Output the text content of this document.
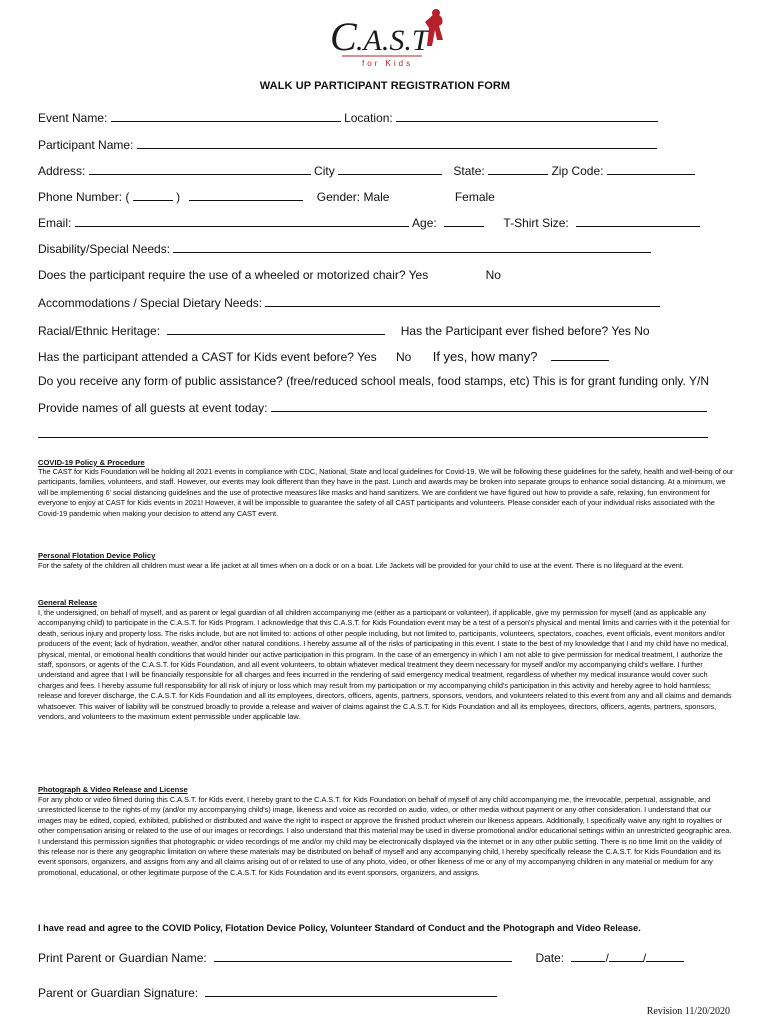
C .A.S.T
for Kids
WALK UP PARTICIPANT REGISTRATION FORM
Event Name:	Location:
Participant Name:
Address:	City	State:	Zip Code:
Phone Number: (	)	Gender: Male	Female
Email:	Age:	T-Shirt Size:
Disability/Special Needs:
Does the participant require the use of a wheeled or motorized chair? Yes	No
Accommodations / Special Dietary Needs:
Racial/Ethnic Heritage:	Has the Participant ever fished before? Yes No
Has the participant attended a CAST for Kids event before? Yes No If yes, how many?
Do you receive any form of public assistance? (free/reduced school meals, food stamps, etc) This is for grant funding only. Y/N
Provide names of all guests at event today:
COVID-19 Policy & Procedure
The CAST for Kids Foundation will be holding all 2021 events in compliance with CDC, National, State and local guidelines for Covid-19. We will be following these guidelines for the safety, health and well-being of our participants, families, volunteers, and staff. However, our events may look different than they have in the past. Lunch and awards may be broken into separate groups to enhance social distancing. At a minimum, we will be implementing 6' social distancing guidelines and the use of protective measures like masks and hand sanitizers. We are confident we have figured out how to provide a safe, relaxing, fun environment for everyone to enjoy at CAST for Kids events in 2021! However, it will be impossible to guarantee the safety of all CAST participants and volunteers. Please consider each of your individual risks associated with the Covid-19 pandemic when making your decision to attend any CAST event.
Personal Flotation Device Policy
For the safety of the children all children must wear a life jacket at all times when on a dock or on a boat. Life Jackets will be provided for your child to use at the event. There is no lifeguard at the event.
General Release
I, the undersigned, on behalf of myself, and as parent or legal guardian of all children accompanying me (either as a participant or volunteer), if applicable, give my permission for myself (and as applicable any accompanying child) to participate in the C.A.S.T. for Kids Program. I acknowledge that this C.A.S.T. for Kids Foundation event may be a test of a person's physical and mental limits and carries with it the potential for death, serious injury and property loss. The risks include, but are not limited to: actions of other people including, but not limited to, participants, volunteers, spectators, coaches, event officials, event monitors and/or producers of the event; lack of hydration, weather, and/or other natural conditions. I hereby assume all of the risks of participating in this event. I state to the best of my knowledge that I and my child have no medical, physical, mental, or emotional health conditions that would hinder our active participation in this program. In the case of an emergency in which I am not able to give permission for medical treatment, I authorize the staff, sponsors, or agents of the C.A.S.T. for Kids Foundation, and all event volunteers, to obtain whatever medical treatment they deem necessary for myself and/or my accompanying child's welfare. I further understand and agree that I will be financially responsible for all charges and fees incurred in the rendering of said emergency medical treatment, regardless of whether my medical insurance would cover such charges and fees. I hereby assume full responsibility for all risk of injury or loss which may result from my participation or my accompanying child's participation in this activity and hereby agree to hold harmless; release and forever discharge, the C.A.S.T. for Kids Foundation and all its employees, directors, officers, agents, partners, sponsors, vendors, and volunteers related to this event from any and all claims and demands whatsoever. This waiver of liability will be construed broadly to provide a release and waiver of claims against the C.A.S.T. for Kids Foundation and all its employees, directors, officers, agents, partners, sponsors, vendors, and volunteers to the maximum extent permissible under applicable law.
Photograph & Video Release and License
For any photo or video filmed during this C.A.S.T. for Kids event, I hereby grant to the C.A.S.T. for Kids Foundation on behalf of myself of any child accompanying me, the irrevocable, perpetual, assignable, and unrestricted license to the rights of my (and/or my accompanying child's) image, likeness and voice as recorded on audio, video, or other media without payment or any other consideration. I understand that our images may be edited, copied, exhibited, published or distributed and waive the right to inspect or approve the finished product wherein our likeness appears. Additionally, I specifically waive any right to royalties or other compensation arising or related to the use of our images or recordings. I also understand that this material may be used in diverse promotional and/or educational settings within an unrestricted geographic area. I understand this permission signifies that photographic or video recordings of me and/or my child may be electronically displayed via the internet or in any other public setting. There is no time limit on the validity of this release nor is there any geographic limitation on where these materials may be distributed on behalf of myself and any accompanying child, I hereby specifically release the C.A.S.T. for Kids Foundation and its event sponsors, organizers, and assigns from any and all claims arising out of or related to use of any photo, video, or other likeness of me or any of my accompanying children in any material or medium for any promotional, educational, or other legitimate purpose of the C.A.S.T. for Kids Foundation and its event sponsors, organizers, and assigns.
I have read and agree to the COVID Policy, Flotation Device Policy, Volunteer Standard of Conduct and the Photograph and Video Release.
Print Parent or Guardian Name:	Date:	/	/
Parent or Guardian Signature:
Revision 11/20/2020
